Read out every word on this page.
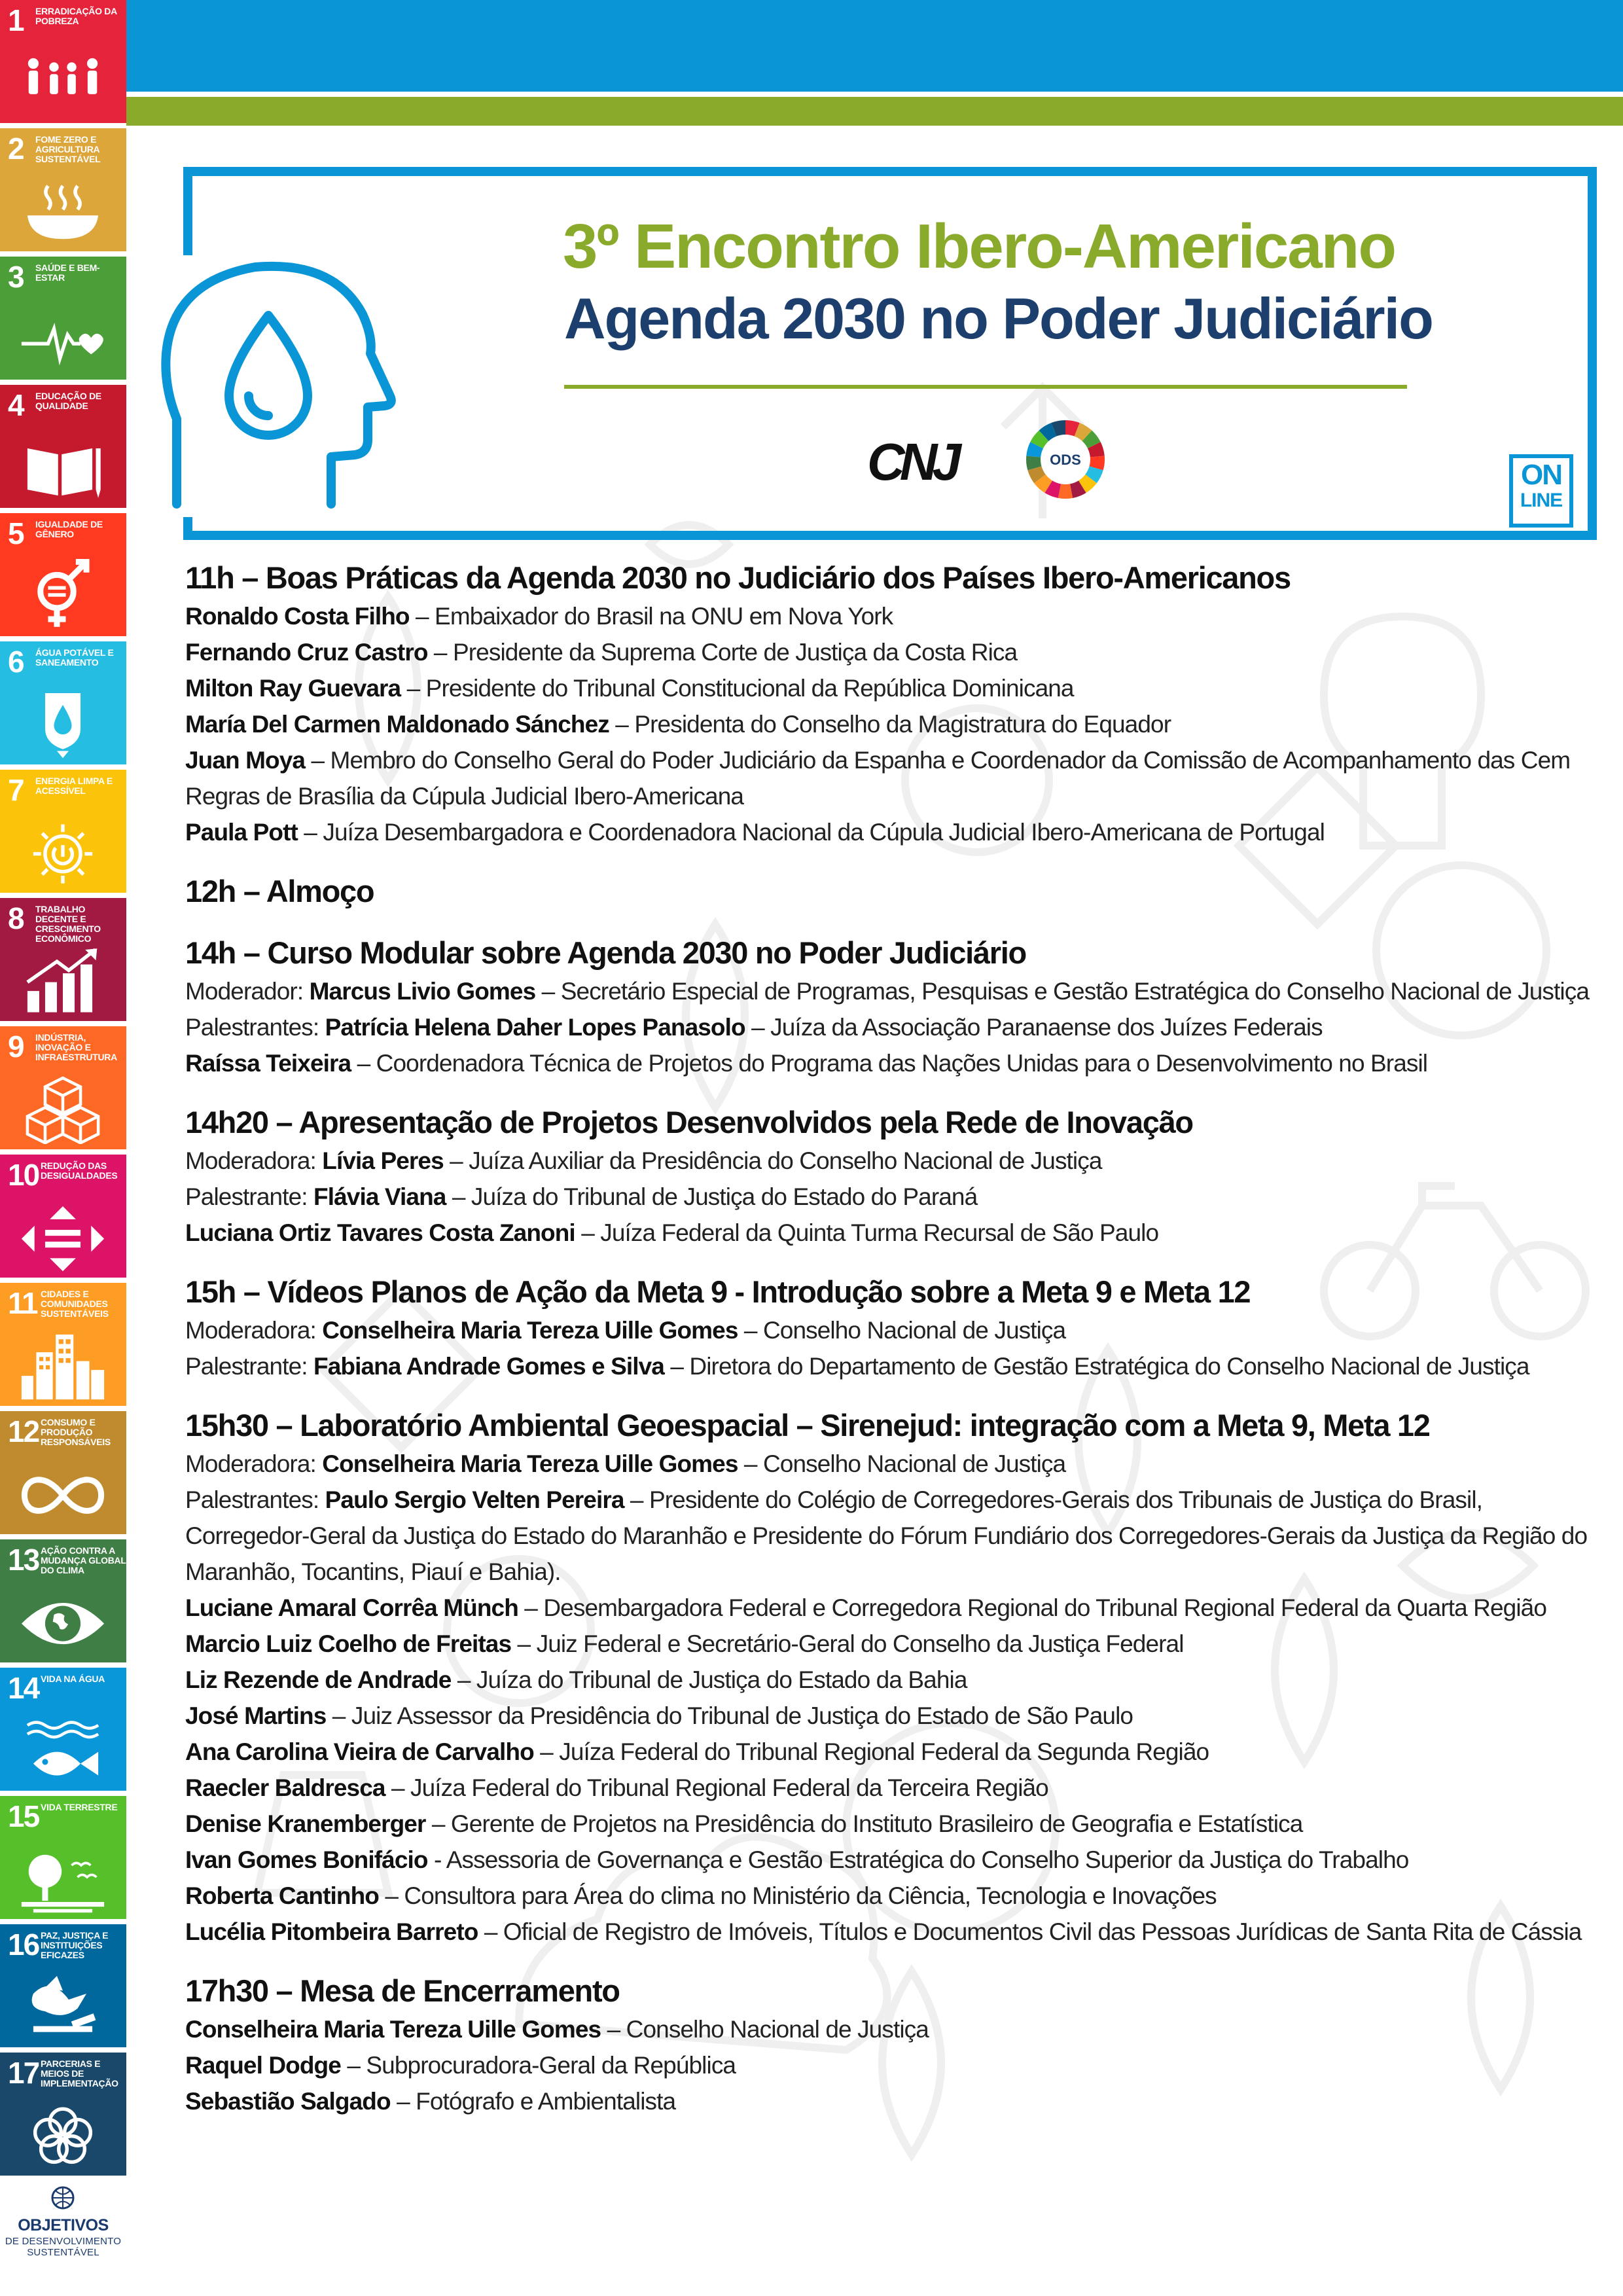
1 ERRADICAÇÃO DA POBREZA
2 FOME ZERO E AGRICULTURA SUSTENTÁVEL
3 SAÚDE E BEM-ESTAR
4 EDUCAÇÃO DE QUALIDADE
5 IGUALDADE DE GÊNERO
6 ÁGUA POTÁVEL E SANEAMENTO
7 ENERGIA LIMPA E ACESSÍVEL
8 TRABALHO DECENTE E CRESCIMENTO ECONÔMICO
9 INDÚSTRIA, INOVAÇÃO E INFRAESTRUTURA
10 REDUÇÃO DAS DESIGUALDADES
11 CIDADES E COMUNIDADES SUSTENTÁVEIS
12 CONSUMO E PRODUÇÃO RESPONSÁVEIS
13 AÇÃO CONTRA A MUDANÇA GLOBAL DO CLIMA
14 VIDA NA ÁGUA
15 VIDA TERRESTRE
16 PAZ, JUSTIÇA E INSTITUIÇÕES EFICAZES
17 PARCERIAS E MEIOS DE IMPLEMENTAÇÃO
OBJETIVOS
DE DESENVOLVIMENTO SUSTENTÁVEL
3º Encontro Ibero-Americano
Agenda 2030 no Poder Judiciário
CNJ	ODS	ON
LINE
11h – Boas Práticas da Agenda 2030 no Judiciário dos Países Ibero-Americanos
Ronaldo Costa Filho – Embaixador do Brasil na ONU em Nova York
Fernando Cruz Castro – Presidente da Suprema Corte de Justiça da Costa Rica
Milton Ray Guevara – Presidente do Tribunal Constitucional da República Dominicana
María Del Carmen Maldonado Sánchez – Presidenta do Conselho da Magistratura do Equador
Juan Moya – Membro do Conselho Geral do Poder Judiciário da Espanha e Coordenador da Comissão de Acompanhamento das Cem Regras de Brasília da Cúpula Judicial Ibero-Americana
Paula Pott – Juíza Desembargadora e Coordenadora Nacional da Cúpula Judicial Ibero-Americana de Portugal
12h – Almoço
14h – Curso Modular sobre Agenda 2030 no Poder Judiciário
Moderador: Marcus Livio Gomes – Secretário Especial de Programas, Pesquisas e Gestão Estratégica do Conselho Nacional de Justiça
Palestrantes: Patrícia Helena Daher Lopes Panasolo – Juíza da Associação Paranaense dos Juízes Federais
Raíssa Teixeira – Coordenadora Técnica de Projetos do Programa das Nações Unidas para o Desenvolvimento no Brasil
14h20 – Apresentação de Projetos Desenvolvidos pela Rede de Inovação
Moderadora: Lívia Peres – Juíza Auxiliar da Presidência do Conselho Nacional de Justiça
Palestrante: Flávia Viana – Juíza do Tribunal de Justiça do Estado do Paraná
Luciana Ortiz Tavares Costa Zanoni – Juíza Federal da Quinta Turma Recursal de São Paulo
15h – Vídeos Planos de Ação da Meta 9 - Introdução sobre a Meta 9 e Meta 12
Moderadora: Conselheira Maria Tereza Uille Gomes – Conselho Nacional de Justiça
Palestrante: Fabiana Andrade Gomes e Silva – Diretora do Departamento de Gestão Estratégica do Conselho Nacional de Justiça
15h30 – Laboratório Ambiental Geoespacial – Sirenejud: integração com a Meta 9, Meta 12
Moderadora: Conselheira Maria Tereza Uille Gomes – Conselho Nacional de Justiça
Palestrantes: Paulo Sergio Velten Pereira – Presidente do Colégio de Corregedores-Gerais dos Tribunais de Justiça do Brasil, Corregedor-Geral da Justiça do Estado do Maranhão e Presidente do Fórum Fundiário dos Corregedores-Gerais da Justiça da Região do Maranhão, Tocantins, Piauí e Bahia).
Luciane Amaral Corrêa Münch – Desembargadora Federal e Corregedora Regional do Tribunal Regional Federal da Quarta Região
Marcio Luiz Coelho de Freitas – Juiz Federal e Secretário-Geral do Conselho da Justiça Federal
Liz Rezende de Andrade – Juíza do Tribunal de Justiça do Estado da Bahia
José Martins – Juiz Assessor da Presidência do Tribunal de Justiça do Estado de São Paulo
Ana Carolina Vieira de Carvalho – Juíza Federal do Tribunal Regional Federal da Segunda Região
Raecler Baldresca – Juíza Federal do Tribunal Regional Federal da Terceira Região
Denise Kranemberger – Gerente de Projetos na Presidência do Instituto Brasileiro de Geografia e Estatística
Ivan Gomes Bonifácio - Assessoria de Governança e Gestão Estratégica do Conselho Superior da Justiça do Trabalho
Roberta Cantinho – Consultora para Área do clima no Ministério da Ciência, Tecnologia e Inovações
Lucélia Pitombeira Barreto – Oficial de Registro de Imóveis, Títulos e Documentos Civil das Pessoas Jurídicas de Santa Rita de Cássia
17h30 – Mesa de Encerramento
Conselheira Maria Tereza Uille Gomes – Conselho Nacional de Justiça
Raquel Dodge – Subprocuradora-Geral da República
Sebastião Salgado – Fotógrafo e Ambientalista
